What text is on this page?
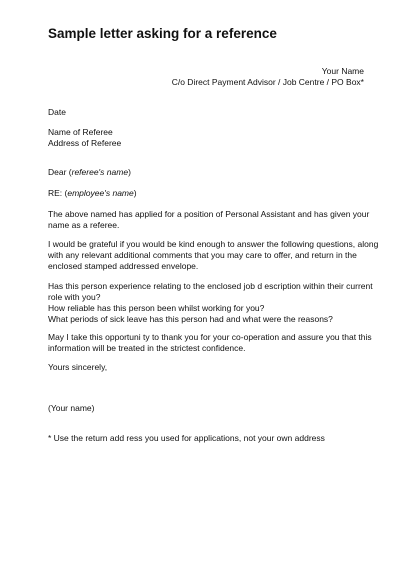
Sample letter asking for a reference
Your Name
C/o Direct Payment Advisor / Job Centre / PO Box*
Date
Name of Referee
Address of Referee
Dear (referee's name)
RE: (employee's name)
The above named has applied for a position of Personal Assistant and has given your
name as a referee.
I would be grateful if you would be kind enough to answer the following questions, along
with any relevant additional comments that you may care to offer, and return in the
enclosed stamped addressed envelope.
Has this person experience relating to the enclosed job d escription within their current
role with you?
How reliable has this person been whilst working for you?
What periods of sick leave has this person had and what were the reasons?
May I take this opportuni ty to thank you for your co-operation and assure you that this
information will be treated in the strictest confidence.
Yours sincerely,
(Your name)
* Use the return add ress you used for applications, not your own address
